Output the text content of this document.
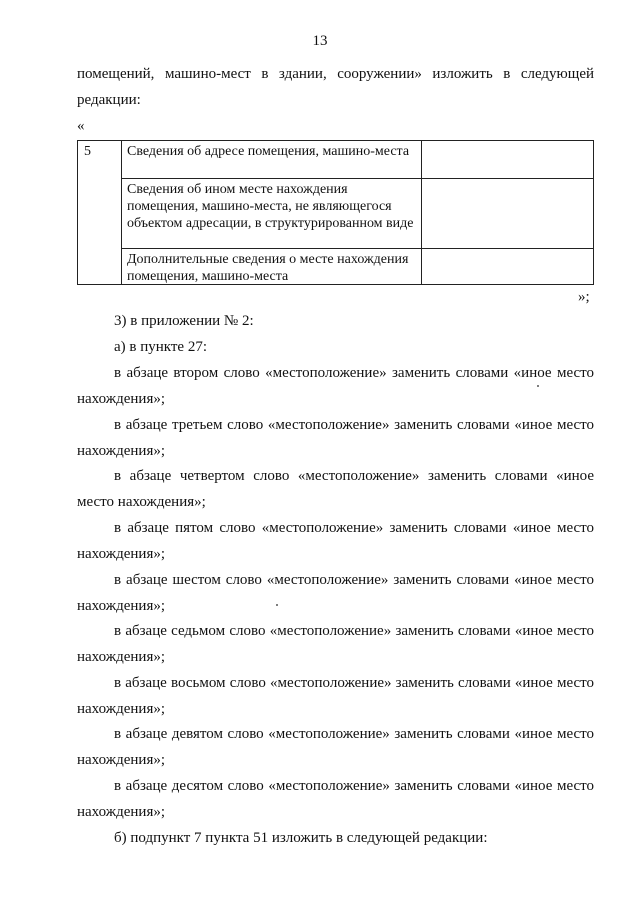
13
помещений, машино-мест в здании, сооружении» изложить в следующей
редакции:
«
5	Сведения об адресе помещения, машино-места
Сведения об ином месте нахождения помещения, машино-места, не являющегося объектом адресации, в структурированном виде
Дополнительные сведения о месте нахождения помещения, машино-места
»;
3) в приложении № 2:
а) в пункте 27:
в абзаце втором слово «местоположение» заменить словами «иное место
нахождения»;
в абзаце третьем слово «местоположение» заменить словами «иное место
нахождения»;
в абзаце четвертом слово «местоположение» заменить словами «иное
место нахождения»;
в абзаце пятом слово «местоположение» заменить словами «иное место
нахождения»;
в абзаце шестом слово «местоположение» заменить словами «иное место
нахождения»;
в абзаце седьмом слово «местоположение» заменить словами «иное место
нахождения»;
в абзаце восьмом слово «местоположение» заменить словами «иное место
нахождения»;
в абзаце девятом слово «местоположение» заменить словами «иное место
нахождения»;
в абзаце десятом слово «местоположение» заменить словами «иное место
нахождения»;
б) подпункт 7 пункта 51 изложить в следующей редакции:
